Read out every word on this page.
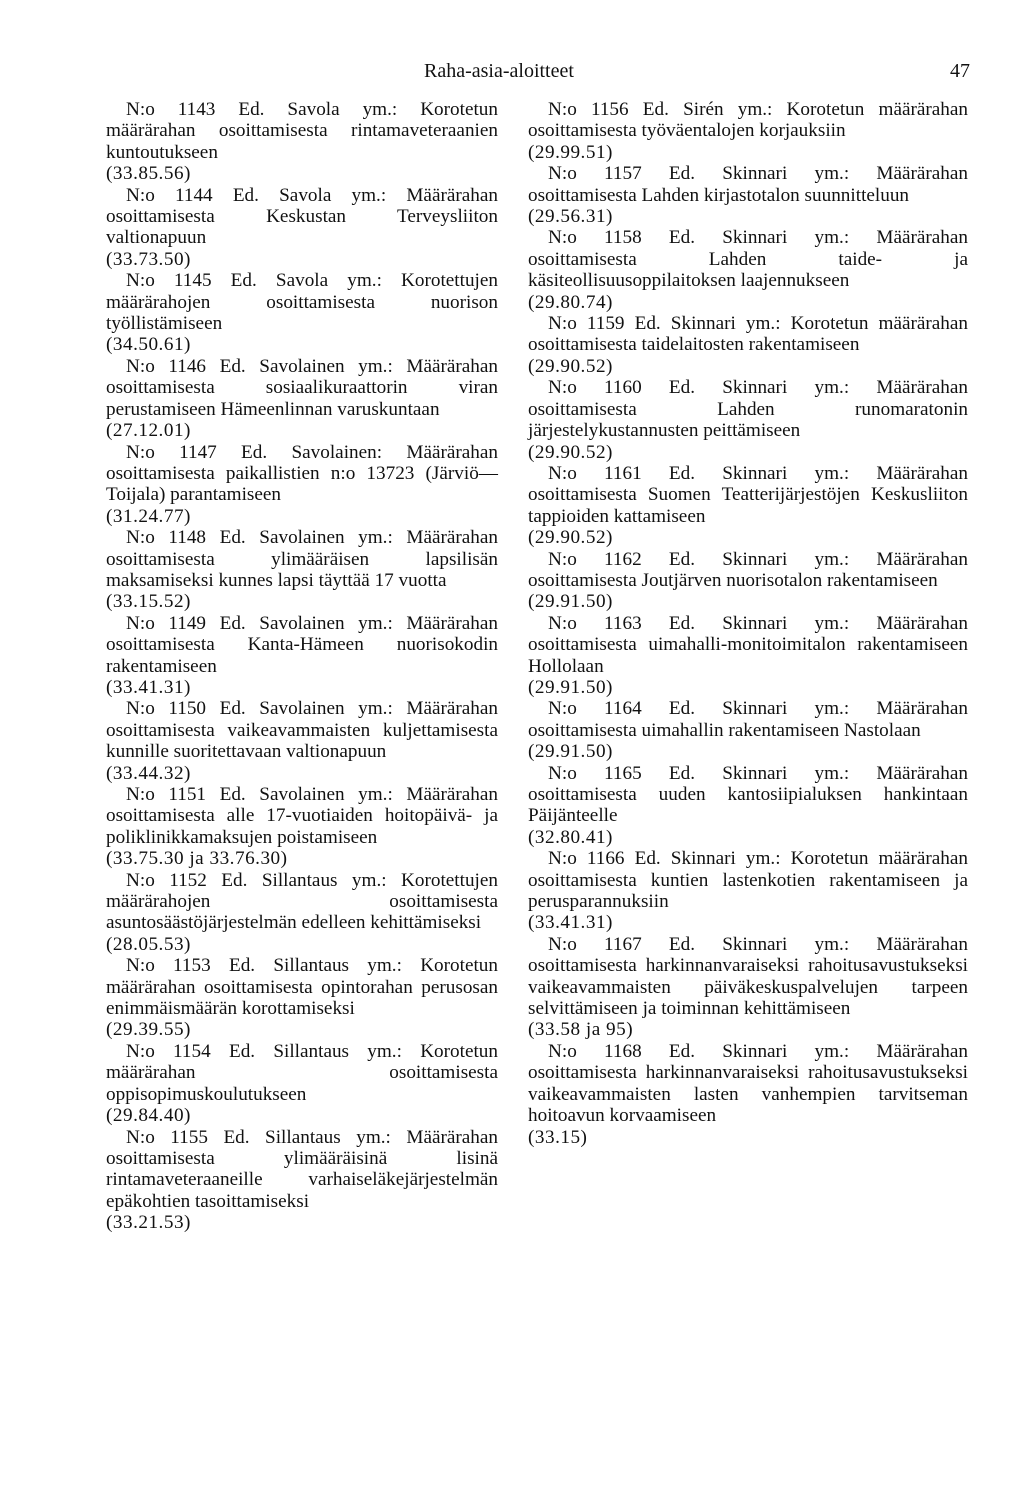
Raha-asia-aloitteet	47

N:o 1143 Ed. Savola ym.: Korotetun määrärahan osoittamisesta rintamaveteraanien kuntoutukseen

(33.85.56)

N:o 1144 Ed. Savola ym.: Määrärahan osoittamisesta Keskustan Terveysliiton valtionapuun

(33.73.50)

N:o 1145 Ed. Savola ym.: Korotettujen määrärahojen osoittamisesta nuorison työllistämiseen

(34.50.61)

N:o 1146 Ed. Savolainen ym.: Määrärahan osoittamisesta sosiaalikuraattorin viran perustamiseen Hämeenlinnan varuskuntaan

(27.12.01)

N:o 1147 Ed. Savolainen: Määrärahan osoittamisesta paikallistien n:o 13723 (Järviö—Toijala) parantamiseen

(31.24.77)

N:o 1148 Ed. Savolainen ym.: Määrärahan osoittamisesta ylimääräisen lapsilisän maksamiseksi kunnes lapsi täyttää 17 vuotta

(33.15.52)

N:o 1149 Ed. Savolainen ym.: Määrärahan osoittamisesta Kanta-Hämeen nuorisokodin rakentamiseen

(33.41.31)

N:o 1150 Ed. Savolainen ym.: Määrärahan osoittamisesta vaikeavammaisten kuljettamisesta kunnille suoritettavaan valtionapuun

(33.44.32)

N:o 1151 Ed. Savolainen ym.: Määrärahan osoittamisesta alle 17-vuotiaiden hoitopäivä- ja poliklinikkamaksujen poistamiseen

(33.75.30 ja 33.76.30)

N:o 1152 Ed. Sillantaus ym.: Korotettujen määrärahojen osoittamisesta asuntosäästöjärjestelmän edelleen kehittämiseksi

(28.05.53)

N:o 1153 Ed. Sillantaus ym.: Korotetun määrärahan osoittamisesta opintorahan perusosan enimmäismäärän korottamiseksi

(29.39.55)

N:o 1154 Ed. Sillantaus ym.: Korotetun määrärahan osoittamisesta oppisopimuskoulutukseen

(29.84.40)

N:o 1155 Ed. Sillantaus ym.: Määrärahan osoittamisesta ylimääräisinä lisinä rintamaveteraaneille varhaiseläkejärjestelmän epäkohtien tasoittamiseksi

(33.21.53)

N:o 1156 Ed. Sirén ym.: Korotetun määrärahan osoittamisesta työväentalojen korjauksiin

(29.99.51)

N:o 1157 Ed. Skinnari ym.: Määrärahan osoittamisesta Lahden kirjastotalon suunnitteluun

(29.56.31)

N:o 1158 Ed. Skinnari ym.: Määrärahan osoittamisesta Lahden taide- ja käsiteollisuusoppilaitoksen laajennukseen

(29.80.74)

N:o 1159 Ed. Skinnari ym.: Korotetun määrärahan osoittamisesta taidelaitosten rakentamiseen

(29.90.52)

N:o 1160 Ed. Skinnari ym.: Määrärahan osoittamisesta Lahden runomaratonin järjestelykustannusten peittämiseen

(29.90.52)

N:o 1161 Ed. Skinnari ym.: Määrärahan osoittamisesta Suomen Teatterijärjestöjen Keskusliiton tappioiden kattamiseen

(29.90.52)

N:o 1162 Ed. Skinnari ym.: Määrärahan osoittamisesta Joutjärven nuorisotalon rakentamiseen

(29.91.50)

N:o 1163 Ed. Skinnari ym.: Määrärahan osoittamisesta uimahalli-monitoimitalon rakentamiseen Hollolaan

(29.91.50)

N:o 1164 Ed. Skinnari ym.: Määrärahan osoittamisesta uimahallin rakentamiseen Nastolaan

(29.91.50)

N:o 1165 Ed. Skinnari ym.: Määrärahan osoittamisesta uuden kantosiipialuksen hankintaan Päijänteelle

(32.80.41)

N:o 1166 Ed. Skinnari ym.: Korotetun määrärahan osoittamisesta kuntien lastenkotien rakentamiseen ja perusparannuksiin

(33.41.31)

N:o 1167 Ed. Skinnari ym.: Määrärahan osoittamisesta harkinnanvaraiseksi rahoitusavustukseksi vaikeavammaisten päiväkeskuspalvelujen tarpeen selvittämiseen ja toiminnan kehittämiseen

(33.58 ja 95)

N:o 1168 Ed. Skinnari ym.: Määrärahan osoittamisesta harkinnanvaraiseksi rahoitusavustukseksi vaikeavammaisten lasten vanhempien tarvitseman hoitoavun korvaamiseen

(33.15)
